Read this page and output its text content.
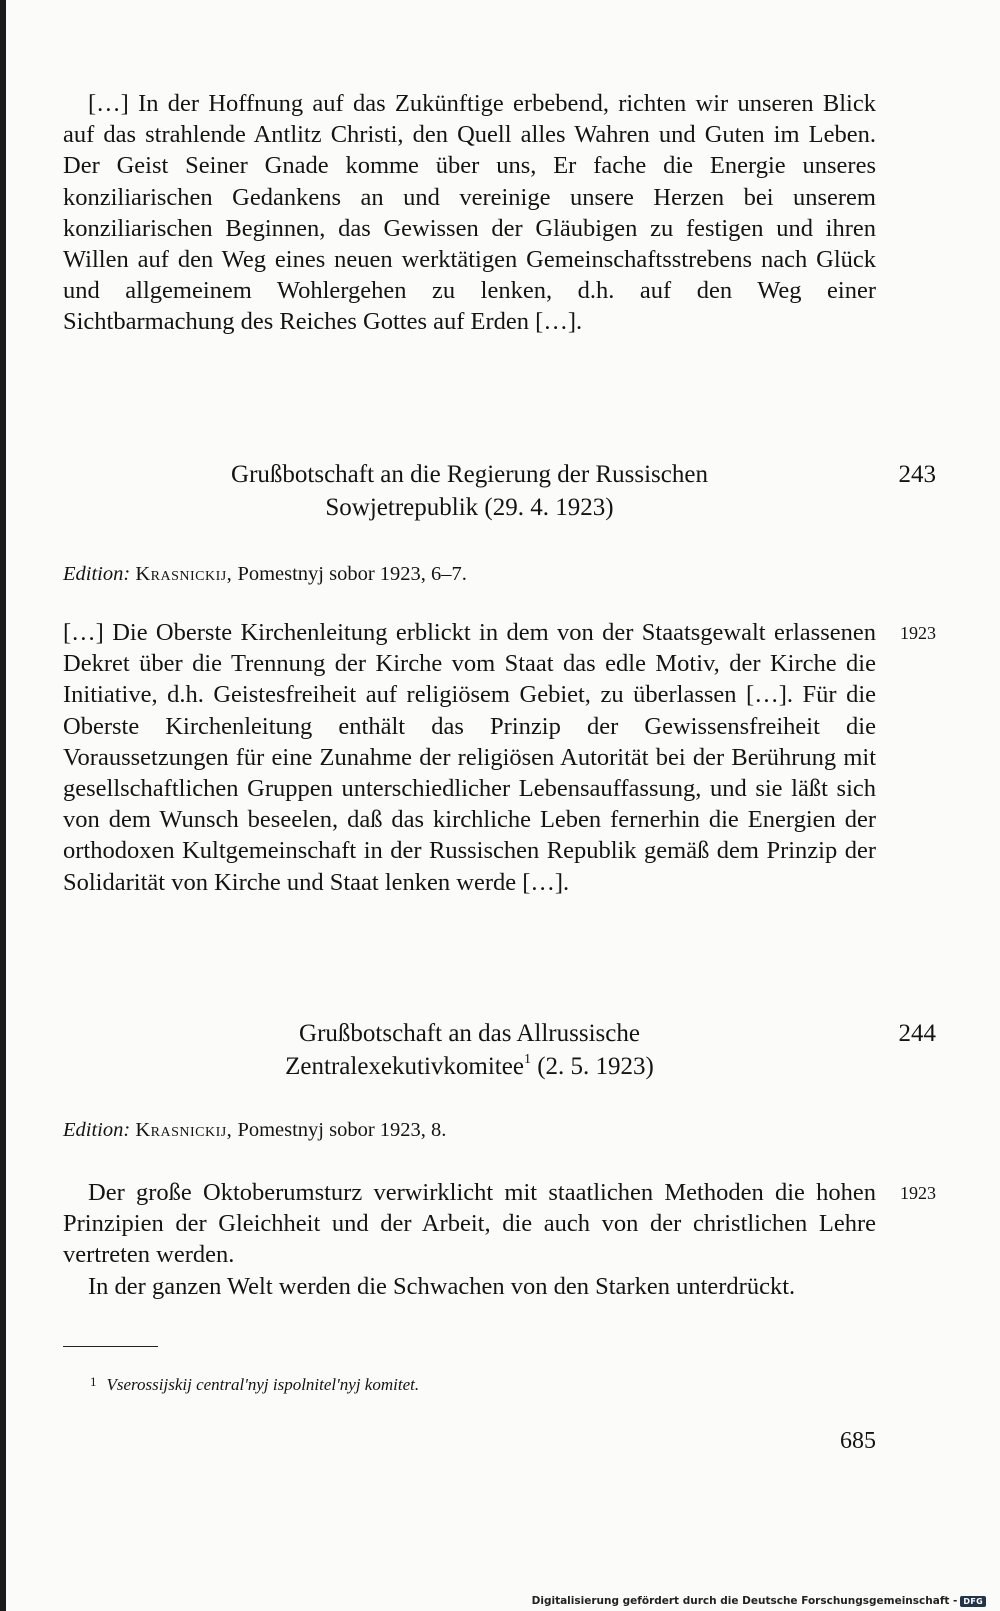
[…] In der Hoffnung auf das Zukünftige erbebend, richten wir unseren Blick auf das strahlende Antlitz Christi, den Quell alles Wahren und Guten im Leben. Der Geist Seiner Gnade komme über uns, Er fache die Energie unseres konziliarischen Gedankens an und vereinige unsere Herzen bei unserem konziliarischen Beginnen, das Gewissen der Gläubigen zu festigen und ihren Willen auf den Weg eines neuen werktätigen Gemeinschaftsstrebens nach Glück und allgemeinem Wohlergehen zu lenken, d.h. auf den Weg einer Sichtbarmachung des Reiches Gottes auf Erden […].

243
Grußbotschaft an die Regierung der Russischen
Sowjetrepublik (29. 4. 1923)
Edition: Krasnickij, Pomestnyj sobor 1923, 6–7.
1923

[…] Die Oberste Kirchenleitung erblickt in dem von der Staatsgewalt erlassenen Dekret über die Trennung der Kirche vom Staat das edle Motiv, der Kirche die Initiative, d.h. Geistesfreiheit auf religiösem Gebiet, zu überlassen […]. Für die Oberste Kirchenleitung enthält das Prinzip der Gewissensfreiheit die Voraussetzungen für eine Zunahme der religiösen Autorität bei der Berührung mit gesellschaftlichen Gruppen unterschiedlicher Lebensauffassung, und sie läßt sich von dem Wunsch beseelen, daß das kirchliche Leben fernerhin die Energien der orthodoxen Kultgemeinschaft in der Russischen Republik gemäß dem Prinzip der Solidarität von Kirche und Staat lenken werde […].

244
Grußbotschaft an das Allrussische
Zentralexekutivkomitee$^1$ (2. 5. 1923)
Edition: Krasnickij, Pomestnyj sobor 1923, 8.
1923

Der große Oktoberumsturz verwirklicht mit staatlichen Methoden die hohen Prinzipien der Gleichheit und der Arbeit, die auch von der christlichen Lehre vertreten werden.
In der ganzen Welt werden die Schwachen von den Starken unterdrückt.

$^1$ Vserossijskij central'nyj ispolnitel'nyj komitet.
685
Digitalisierung gefördert durch die Deutsche Forschungsgemeinschaft - DFG
